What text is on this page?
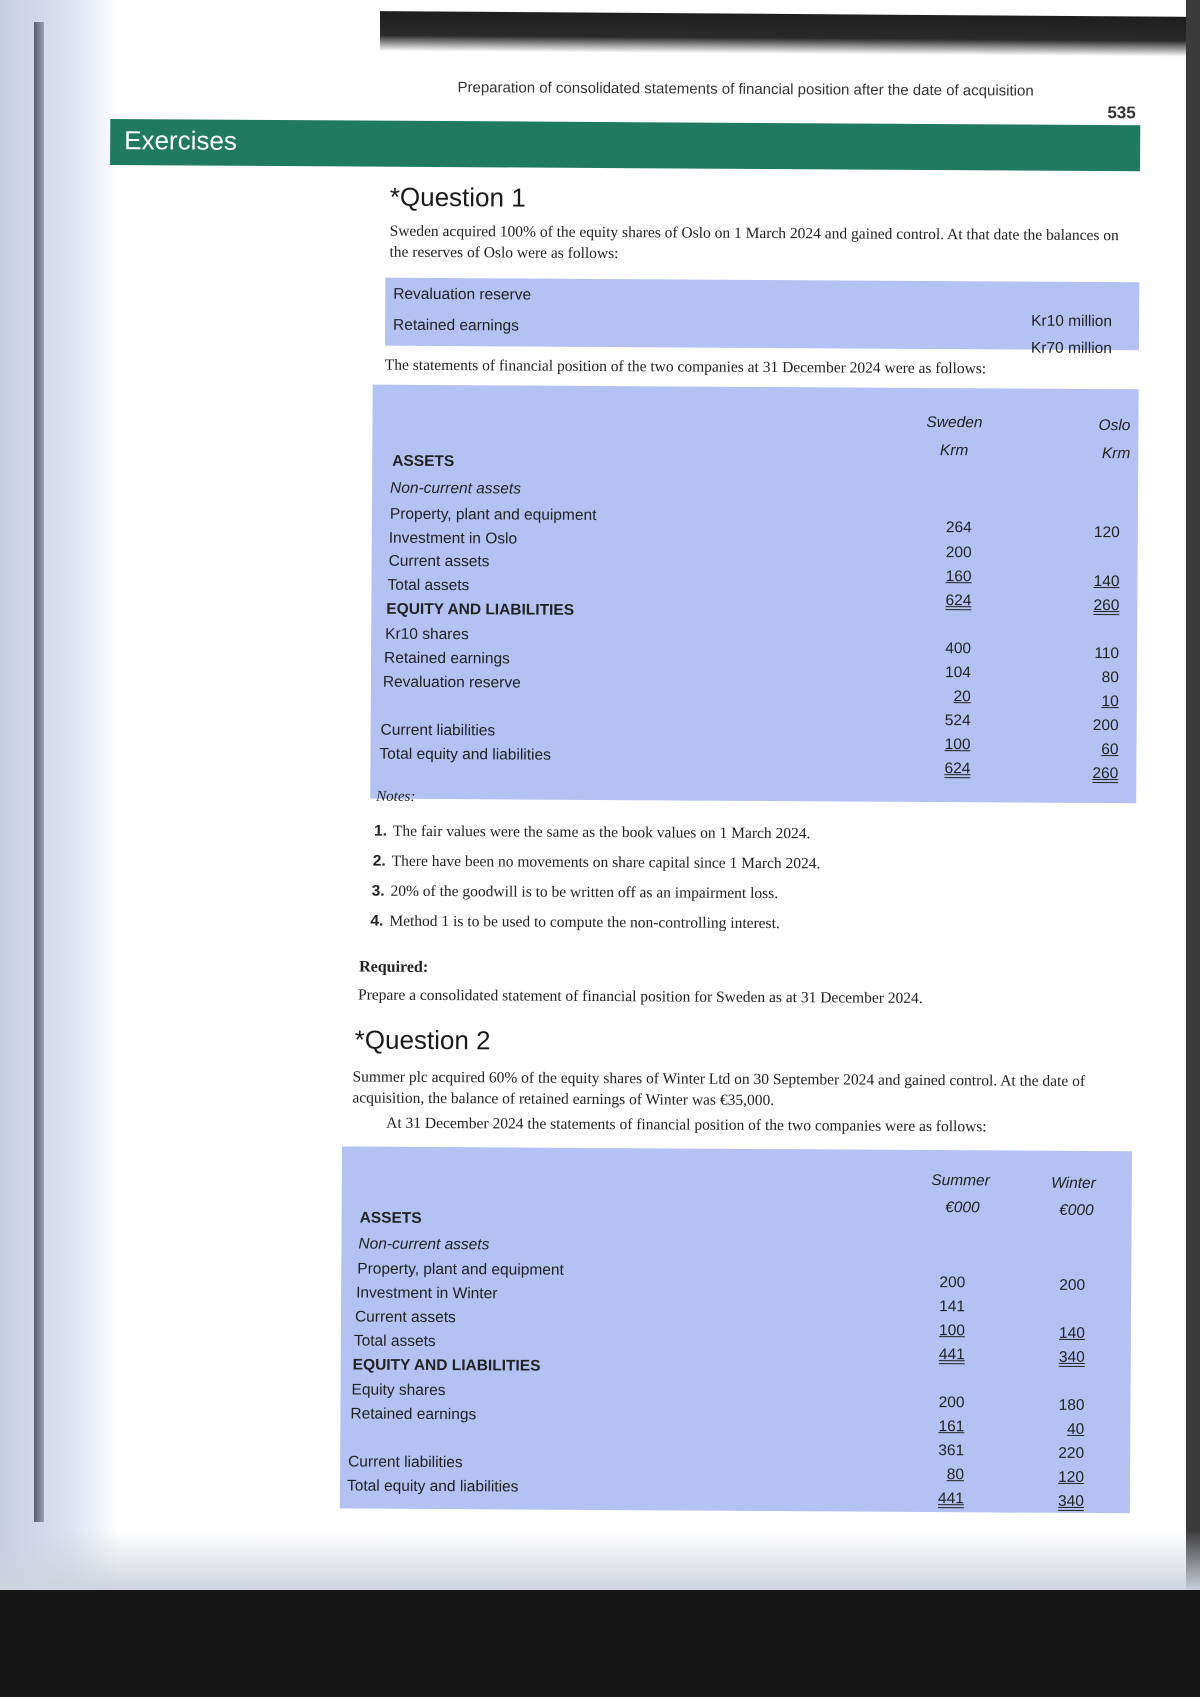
Preparation of consolidated statements of financial position after the date of acquisition
535
Exercises
*Question 1
Sweden acquired 100% of the equity shares of Oslo on 1 March 2024 and gained control. At that date the balances on the reserves of Oslo were as follows:
Revaluation reserve
Kr10 million
Retained earnings
Kr70 million
The statements of financial position of the two companies at 31 December 2024 were as follows:
Sweden
Krm
Oslo
Krm
ASSETS
Non-current assets
Property, plant and equipment
264	120
Investment in Oslo
200
Current assets
160	140
Total assets
624	260
EQUITY AND LIABILITIES
Kr10 shares
400	110
Retained earnings
104	80
Revaluation reserve
20	10
524	200
Current liabilities
100	60
Total equity and liabilities
624	260
Notes:
1. The fair values were the same as the book values on 1 March 2024.
2. There have been no movements on share capital since 1 March 2024.
3. 20% of the goodwill is to be written off as an impairment loss.
4. Method 1 is to be used to compute the non-controlling interest.
Required:
Prepare a consolidated statement of financial position for Sweden as at 31 December 2024.
*Question 2
Summer plc acquired 60% of the equity shares of Winter Ltd on 30 September 2024 and gained control. At the date of acquisition, the balance of retained earnings of Winter was €35,000.
At 31 December 2024 the statements of financial position of the two companies were as follows:
Summer
€000
Winter
€000
ASSETS
Non-current assets
Property, plant and equipment
200	200
Investment in Winter
141
Current assets
100	140
Total assets
441	340
EQUITY AND LIABILITIES
Equity shares
200	180
Retained earnings
161	40
361	220
Current liabilities
80	120
Total equity and liabilities
441	340
